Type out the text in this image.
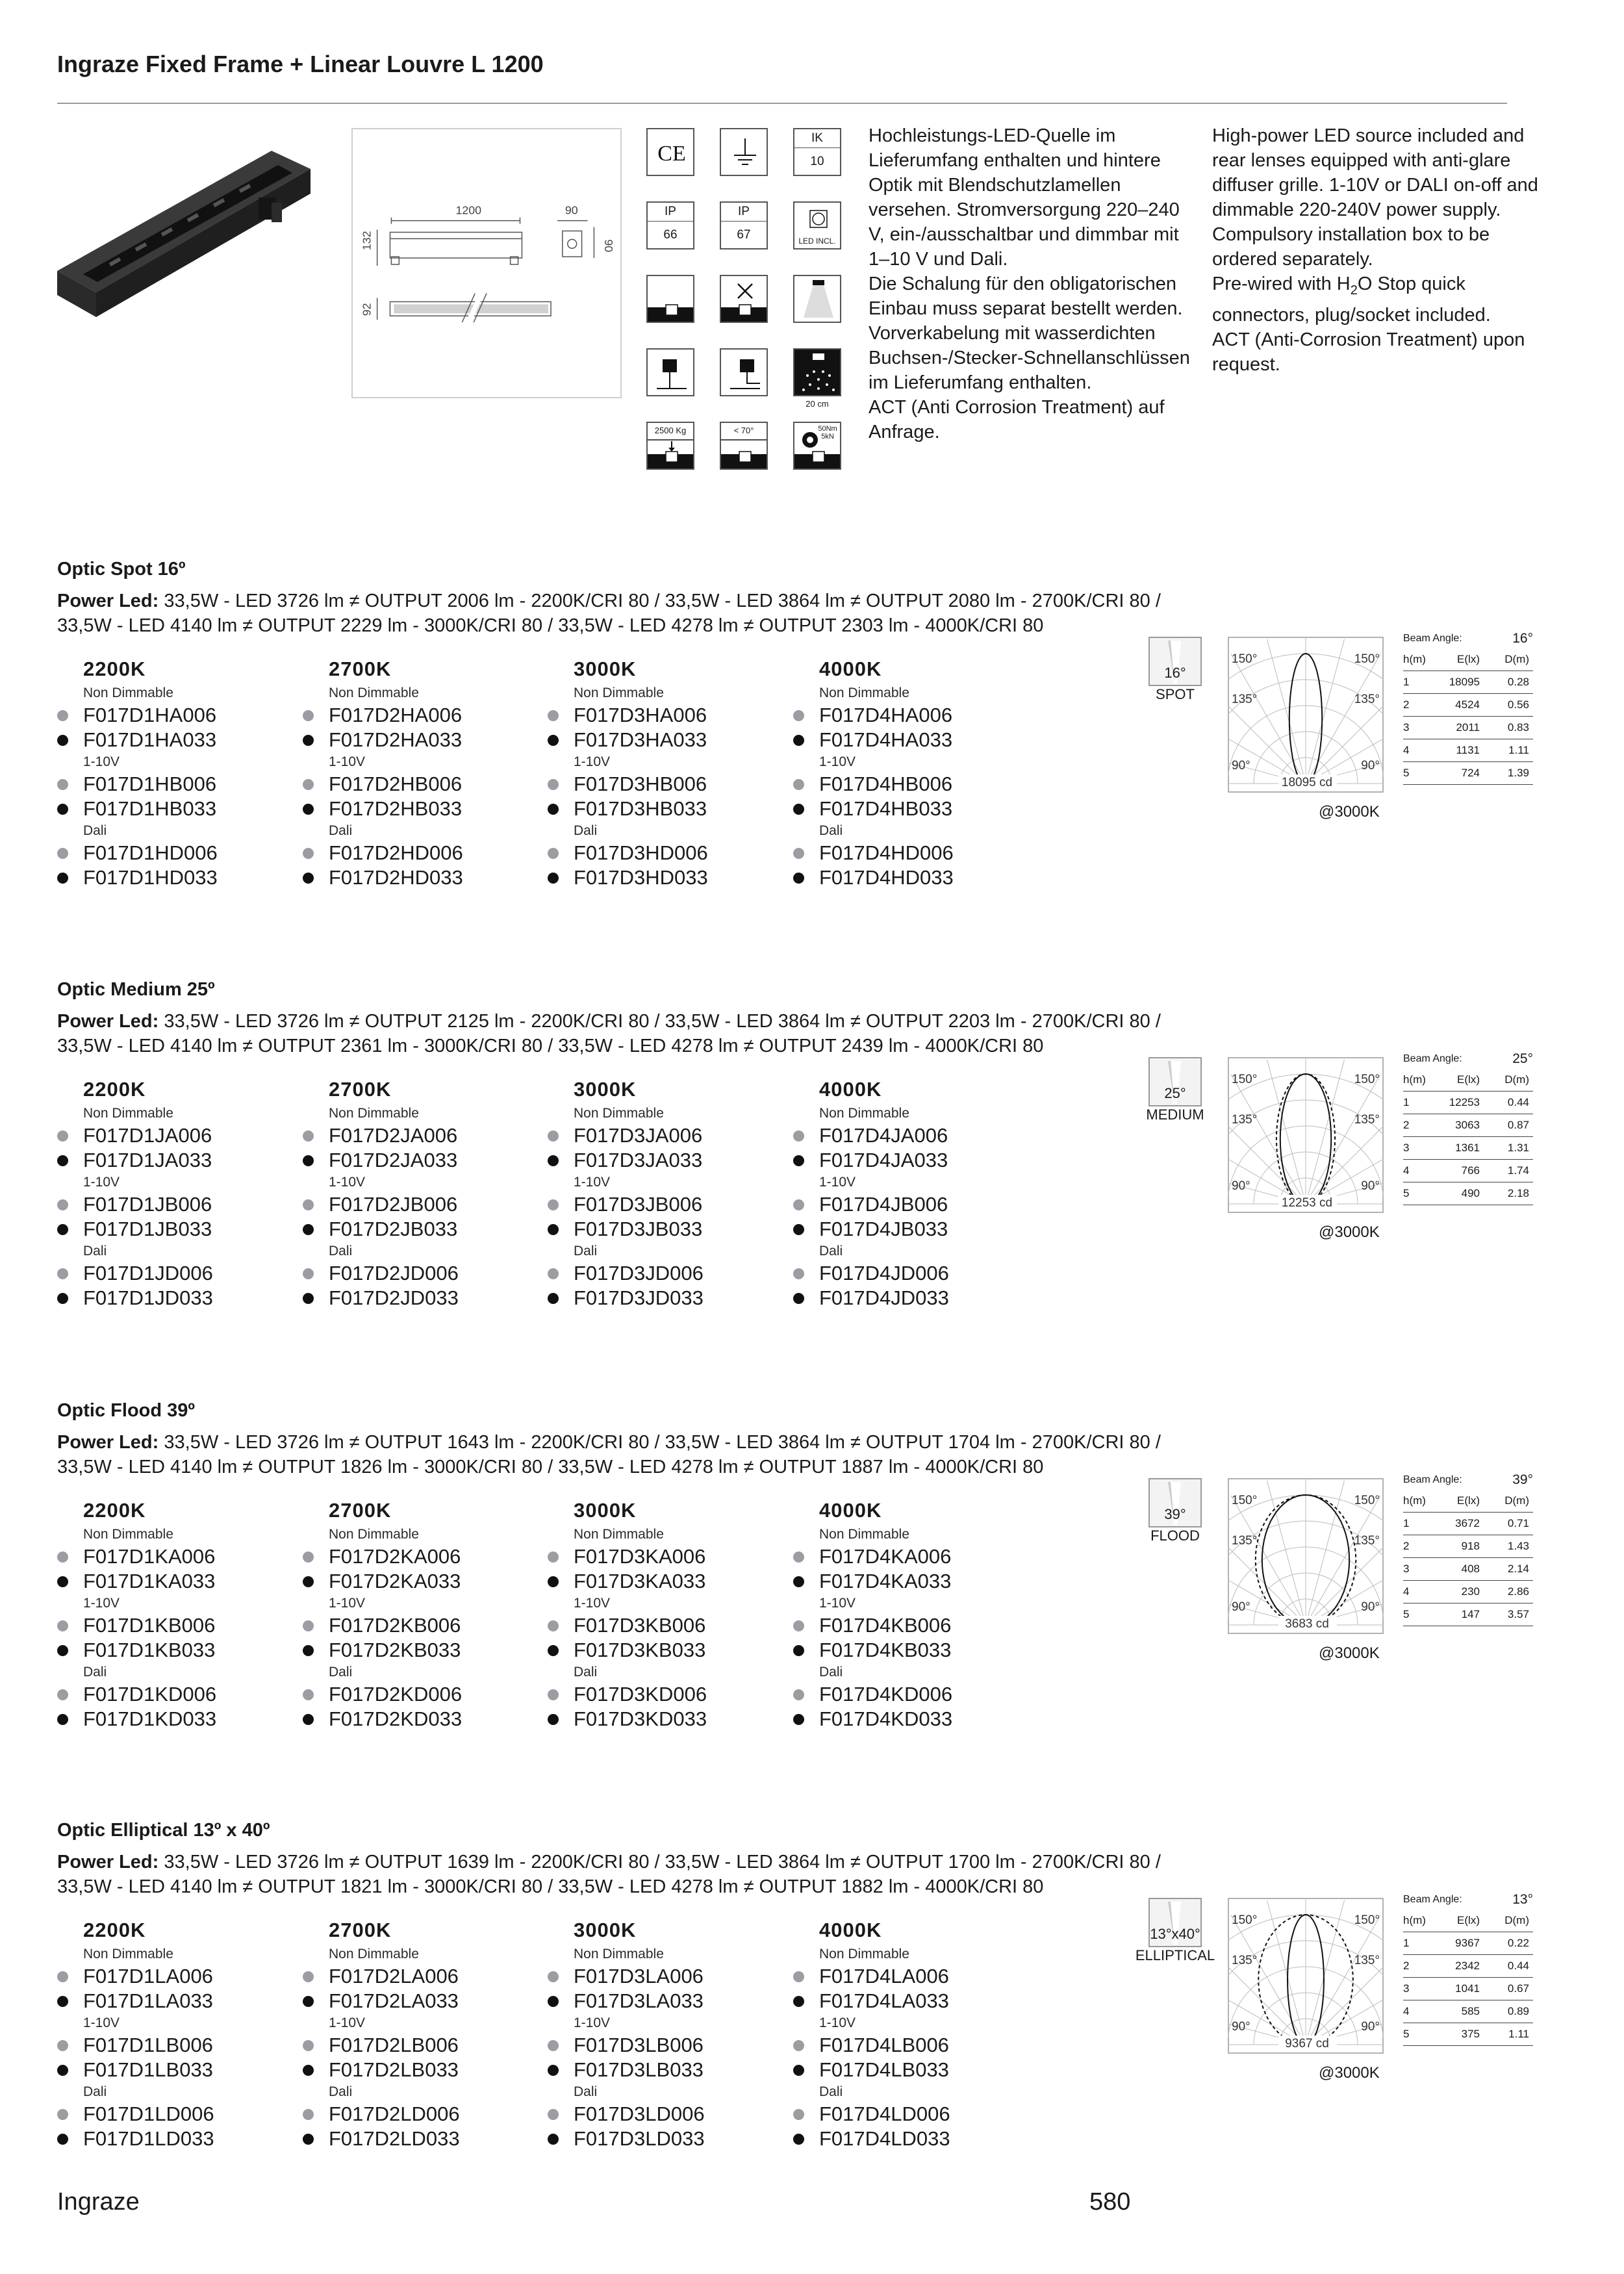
Ingraze Fixed Frame + Linear Louvre L 1200
1200	90
132	90
92
CE
IK
10
IP
66
IP
67	LED INCL.
20 cm
2500 Kg	< 70°	50Nm 5kN
Hochleistungs-LED-Quelle im Lieferumfang enthalten und hintere Optik mit Blendschutzlamellen versehen. Stromversorgung 220–240 V, ein-/ausschaltbar und dimmbar mit 1–10 V und Dali.
Die Schalung für den obligatorischen Einbau muss separat bestellt werden.
Vorverkabelung mit wasserdichten Buchsen-/Stecker-Schnellanschlüssen im Lieferumfang enthalten.
ACT (Anti Corrosion Treatment) auf Anfrage.
High-power LED source included and rear lenses equipped with anti-glare diffuser grille. 1-10V or DALI on-off and dimmable 220-240V power supply.
Compulsory installation box to be ordered separately.
Pre-wired with $H_2O$ Stop quick connectors, plug/socket included.
ACT (Anti-Corrosion Treatment) upon request.
Optic Spot 16º
Power Led: 33,5W - LED 3726 lm ≠ OUTPUT 2006 lm - 2200K/CRI 80 / 33,5W - LED 3864 lm ≠ OUTPUT 2080 lm - 2700K/CRI 80 /
33,5W - LED 4140 lm ≠ OUTPUT 2229 lm - 3000K/CRI 80 / 33,5W - LED 4278 lm ≠ OUTPUT 2303 lm - 4000K/CRI 80
2200K
Non Dimmable
F017D1HA006
F017D1HA033
1-10V
F017D1HB006
F017D1HB033
Dali
F017D1HD006
F017D1HD033
2700K
Non Dimmable
F017D2HA006
F017D2HA033
1-10V
F017D2HB006
F017D2HB033
Dali
F017D2HD006
F017D2HD033
3000K
Non Dimmable
F017D3HA006
F017D3HA033
1-10V
F017D3HB006
F017D3HB033
Dali
F017D3HD006
F017D3HD033
4000K
Non Dimmable
F017D4HA006
F017D4HA033
1-10V
F017D4HB006
F017D4HB033
Dali
F017D4HD006
F017D4HD033
16°
SPOT
150°	150°
135°	135°
90°	90°
18095 cd
@3000K
Beam Angle:	16°
h(m)	E(lx)	D(m)
1	18095	0.28
2	4524	0.56
3	2011	0.83
4	1131	1.11
5	724	1.39
Optic Medium 25º
Power Led: 33,5W - LED 3726 lm ≠ OUTPUT 2125 lm - 2200K/CRI 80 / 33,5W - LED 3864 lm ≠ OUTPUT 2203 lm - 2700K/CRI 80 /
33,5W - LED 4140 lm ≠ OUTPUT 2361 lm - 3000K/CRI 80 / 33,5W - LED 4278 lm ≠ OUTPUT 2439 lm - 4000K/CRI 80
2200K
Non Dimmable
F017D1JA006
F017D1JA033
1-10V
F017D1JB006
F017D1JB033
Dali
F017D1JD006
F017D1JD033
2700K
Non Dimmable
F017D2JA006
F017D2JA033
1-10V
F017D2JB006
F017D2JB033
Dali
F017D2JD006
F017D2JD033
3000K
Non Dimmable
F017D3JA006
F017D3JA033
1-10V
F017D3JB006
F017D3JB033
Dali
F017D3JD006
F017D3JD033
4000K
Non Dimmable
F017D4JA006
F017D4JA033
1-10V
F017D4JB006
F017D4JB033
Dali
F017D4JD006
F017D4JD033
25°
MEDIUM
150°	150°
135°	135°
90°	90°
12253 cd
@3000K
Beam Angle:	25°
h(m)	E(lx)	D(m)
1	12253	0.44
2	3063	0.87
3	1361	1.31
4	766	1.74
5	490	2.18
Optic Flood 39º
Power Led: 33,5W - LED 3726 lm ≠ OUTPUT 1643 lm - 2200K/CRI 80 / 33,5W - LED 3864 lm ≠ OUTPUT 1704 lm - 2700K/CRI 80 /
33,5W - LED 4140 lm ≠ OUTPUT 1826 lm - 3000K/CRI 80 / 33,5W - LED 4278 lm ≠ OUTPUT 1887 lm - 4000K/CRI 80
2200K
Non Dimmable
F017D1KA006
F017D1KA033
1-10V
F017D1KB006
F017D1KB033
Dali
F017D1KD006
F017D1KD033
2700K
Non Dimmable
F017D2KA006
F017D2KA033
1-10V
F017D2KB006
F017D2KB033
Dali
F017D2KD006
F017D2KD033
3000K
Non Dimmable
F017D3KA006
F017D3KA033
1-10V
F017D3KB006
F017D3KB033
Dali
F017D3KD006
F017D3KD033
4000K
Non Dimmable
F017D4KA006
F017D4KA033
1-10V
F017D4KB006
F017D4KB033
Dali
F017D4KD006
F017D4KD033
39°
FLOOD
150°	150°
135°	135°
90°	90°
3683 cd
@3000K
Beam Angle:	39°
h(m)	E(lx)	D(m)
1	3672	0.71
2	918	1.43
3	408	2.14
4	230	2.86
5	147	3.57
Optic Elliptical 13º x 40º
Power Led: 33,5W - LED 3726 lm ≠ OUTPUT 1639 lm - 2200K/CRI 80 / 33,5W - LED 3864 lm ≠ OUTPUT 1700 lm - 2700K/CRI 80 /
33,5W - LED 4140 lm ≠ OUTPUT 1821 lm - 3000K/CRI 80 / 33,5W - LED 4278 lm ≠ OUTPUT 1882 lm - 4000K/CRI 80
2200K
Non Dimmable
F017D1LA006
F017D1LA033
1-10V
F017D1LB006
F017D1LB033
Dali
F017D1LD006
F017D1LD033
2700K
Non Dimmable
F017D2LA006
F017D2LA033
1-10V
F017D2LB006
F017D2LB033
Dali
F017D2LD006
F017D2LD033
3000K
Non Dimmable
F017D3LA006
F017D3LA033
1-10V
F017D3LB006
F017D3LB033
Dali
F017D3LD006
F017D3LD033
4000K
Non Dimmable
F017D4LA006
F017D4LA033
1-10V
F017D4LB006
F017D4LB033
Dali
F017D4LD006
F017D4LD033
13°x40°
ELLIPTICAL
150°	150°
135°	135°
90°	90°
9367 cd
@3000K
Beam Angle:	13°
h(m)	E(lx)	D(m)
1	9367	0.22
2	2342	0.44
3	1041	0.67
4	585	0.89
5	375	1.11
Ingraze	580
